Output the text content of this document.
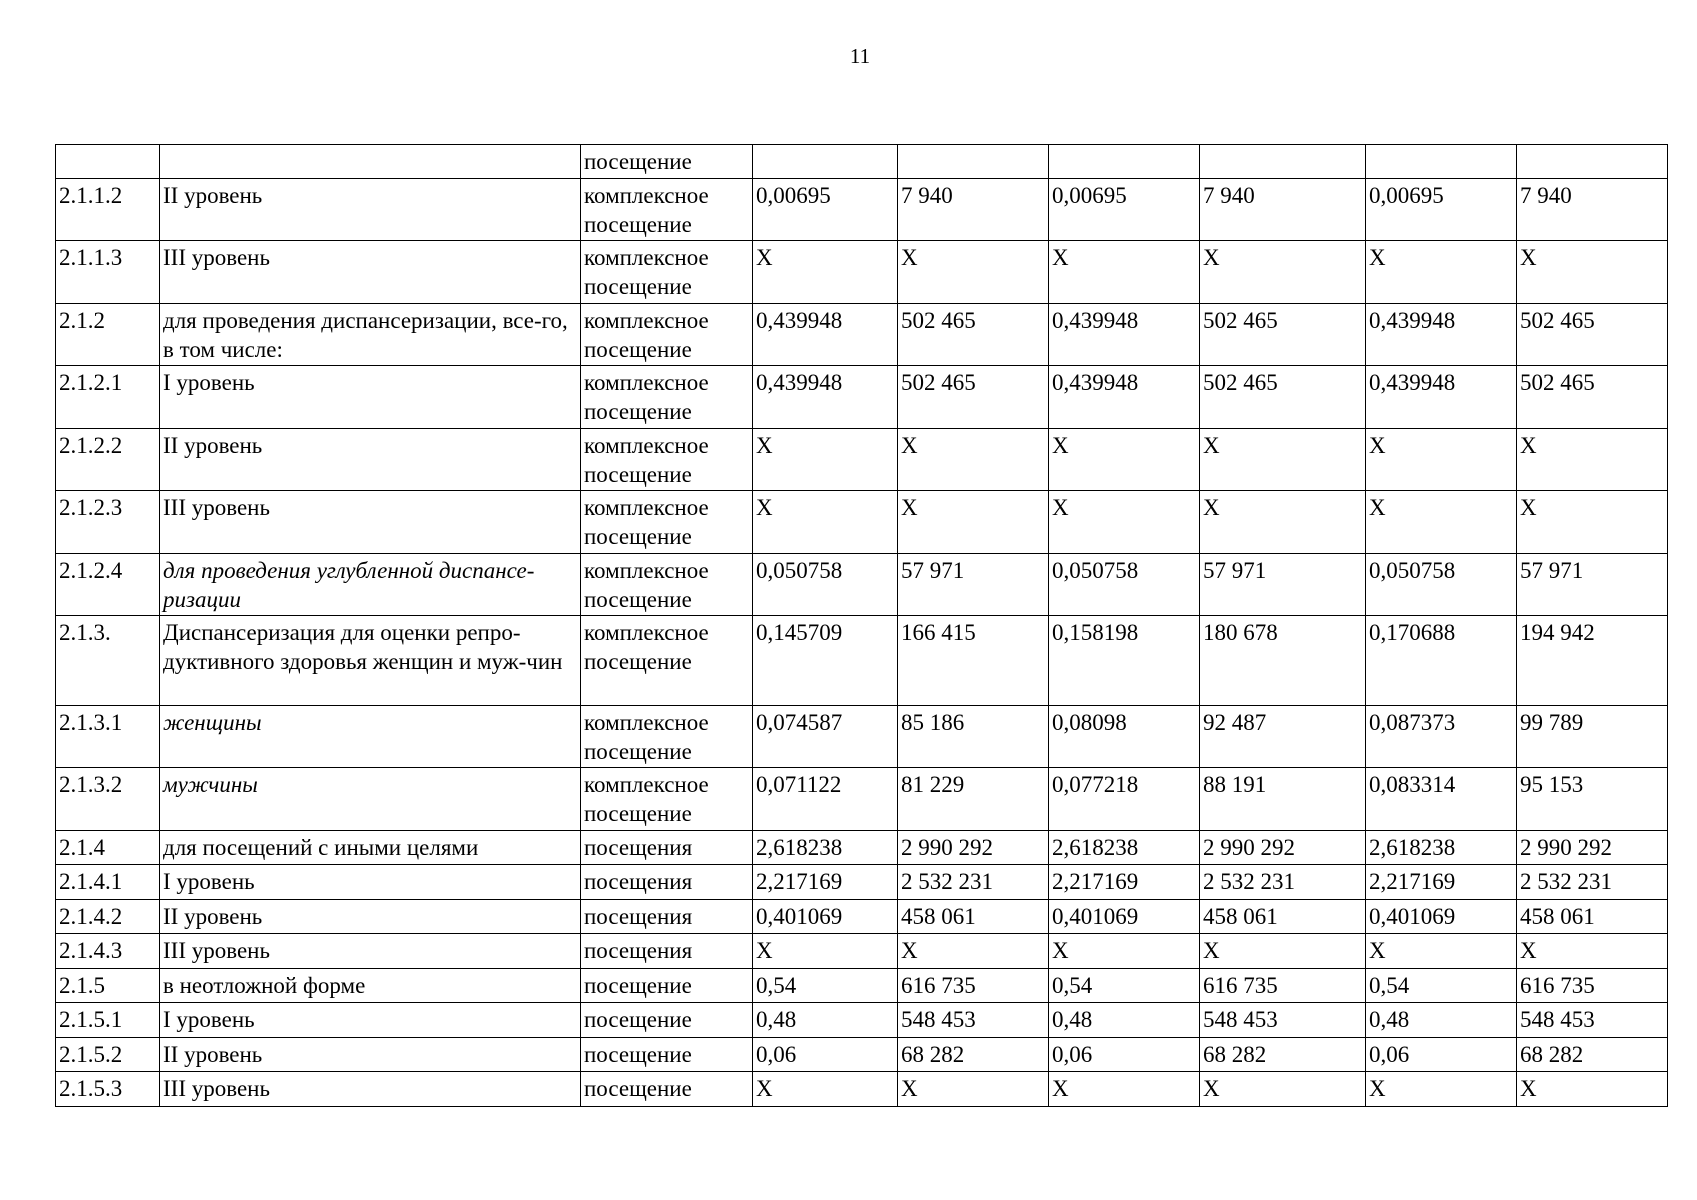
11
		посещение						
2.1.1.2	II уровень	комплексное посещение	0,00695	7 940	0,00695	7 940	0,00695	7 940
2.1.1.3	III уровень	комплексное посещение	X	X	X	X	X	X
2.1.2	для проведения диспансеризации, все-го, в том числе:	комплексное посещение	0,439948	502 465	0,439948	502 465	0,439948	502 465
2.1.2.1	I уровень	комплексное посещение	0,439948	502 465	0,439948	502 465	0,439948	502 465
2.1.2.2	II уровень	комплексное посещение	X	X	X	X	X	X
2.1.2.3	III уровень	комплексное посещение	X	X	X	X	X	X
2.1.2.4	для проведения углубленной диспансе-ризации	комплексное посещение	0,050758	57 971	0,050758	57 971	0,050758	57 971
2.1.3.	Диспансеризация для оценки репро-дуктивного здоровья женщин и муж-чин	комплексное посещение	0,145709	166 415	0,158198	180 678	0,170688	194 942
2.1.3.1	женщины	комплексное посещение	0,074587	85 186	0,08098	92 487	0,087373	99 789
2.1.3.2	мужчины	комплексное посещение	0,071122	81 229	0,077218	88 191	0,083314	95 153
2.1.4	для посещений с иными целями	посещения	2,618238	2 990 292	2,618238	2 990 292	2,618238	2 990 292
2.1.4.1	I уровень	посещения	2,217169	2 532 231	2,217169	2 532 231	2,217169	2 532 231
2.1.4.2	II уровень	посещения	0,401069	458 061	0,401069	458 061	0,401069	458 061
2.1.4.3	III уровень	посещения	X	X	X	X	X	X
2.1.5	в неотложной форме	посещение	0,54	616 735	0,54	616 735	0,54	616 735
2.1.5.1	I уровень	посещение	0,48	548 453	0,48	548 453	0,48	548 453
2.1.5.2	II уровень	посещение	0,06	68 282	0,06	68 282	0,06	68 282
2.1.5.3	III уровень	посещение	X	X	X	X	X	X
